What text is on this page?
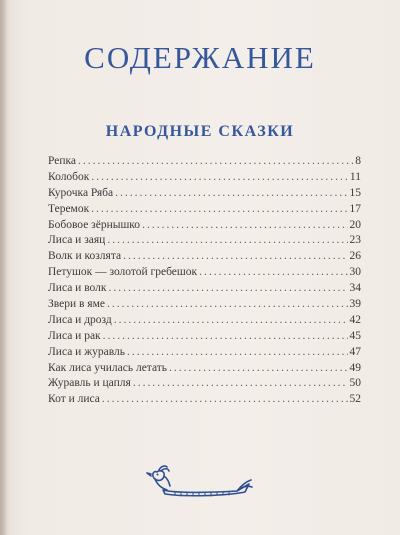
СОДЕРЖАНИЕ
НАРОДНЫЕ СКАЗКИ
Репка .....	8
Колобок .....	11
Курочка Ряба .....	15
Теремок .....	17
Бобовое зёрнышко .....	20
Лиса и заяц .....	23
Волк и козлята .....	26
Петушок — золотой гребешок .....	30
Лиса и волк .....	34
Звери в яме .....	39
Лиса и дрозд .....	42
Лиса и рак .....	45
Лиса и журавль .....	47
Как лиса училась летать .....	49
Журавль и цапля .....	50
Кот и лиса .....	52
